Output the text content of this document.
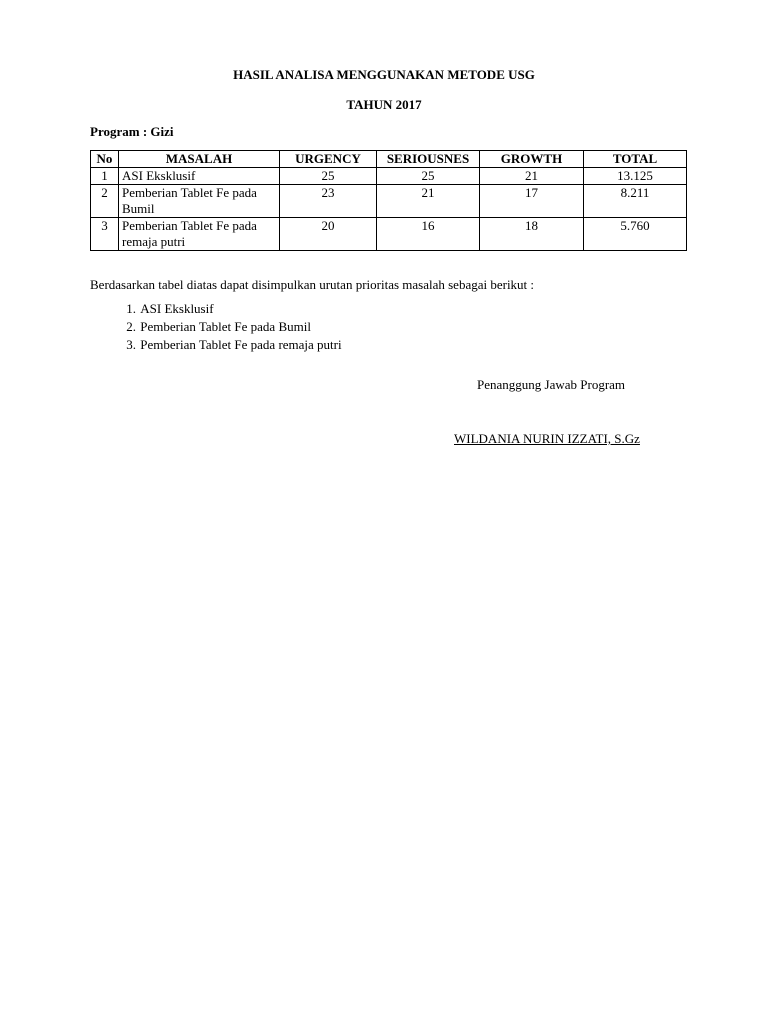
HASIL ANALISA MENGGUNAKAN METODE USG
TAHUN 2017
Program : Gizi
No	MASALAH	URGENCY	SERIOUSNES	GROWTH	TOTAL
1	ASI Eksklusif	25	25	21	13.125
2	Pemberian Tablet Fe pada Bumil	23	21	17	8.211
3	Pemberian Tablet Fe pada remaja putri	20	16	18	5.760
Berdasarkan tabel diatas dapat disimpulkan urutan prioritas masalah sebagai berikut :
1. ASI Eksklusif
2. Pemberian Tablet Fe pada Bumil
3. Pemberian Tablet Fe pada remaja putri
Penanggung Jawab Program
WILDANIA NURIN IZZATI, S.Gz
